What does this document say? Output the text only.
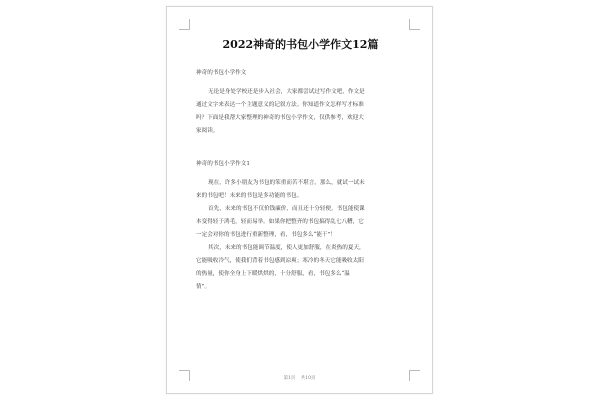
2022神奇的书包小学作文12篇
神奇的书包小学作文
无论是身处学校还是步入社会，大家都尝试过写作文吧，作文是
通过文字来表达一个主题意义的记叙方法。你知道作文怎样写才标准
吗？下面是我帮大家整理的神奇的书包小学作文，仅供参考，欢迎大
家阅读。
神奇的书包小学作文1
现在，许多小朋友为书包的笨重而苦不堪言，那么，就试一试未
来的书包吧！未来的书包是多功能的书包。
首先，未来的书包不仅价钱廉价，而且还十分轻便，书包能使课
本变得轻于鸿毛，轻而易举。如果你把整齐的书包搞得乱七八糟，它
一定会对你的书包进行重新整理，看，书包多么“能干”！
其次，未来的书包能调节温度，使人更加舒服，在炎热的夏天，
它能吸收冷气，使我们背着书包感到凉爽；寒冷的冬天它能吸收太阳
的热量，使你全身上下暖烘烘的，十分舒服，看，书包多么“温
情”。
第1页 共10页
